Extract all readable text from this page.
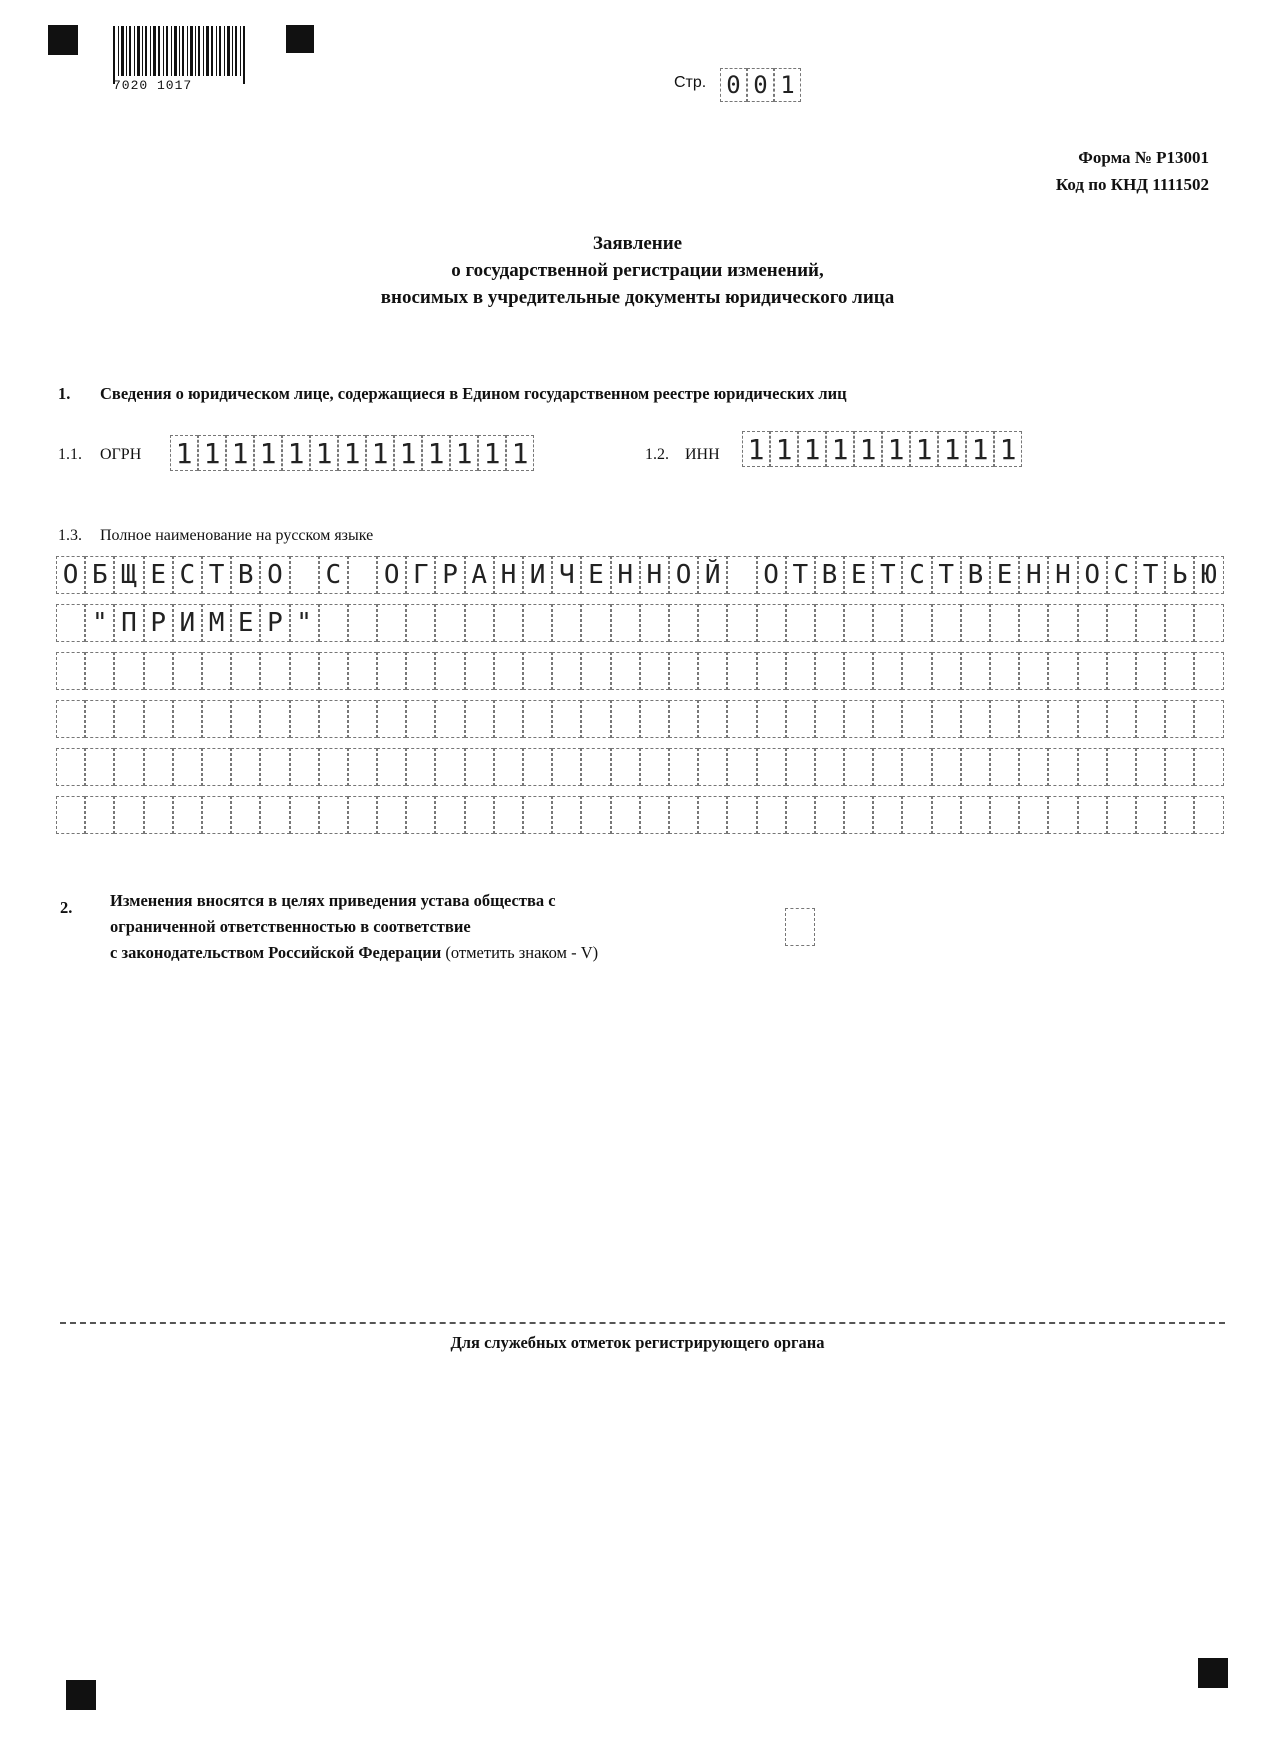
7020 1017	Стр. 0 0 1
Форма № Р13001
Код по КНД 1111502
Заявление
о государственной регистрации изменений,
вносимых в учредительные документы юридического лица
1. Сведения о юридическом лице, содержащиеся в Едином государственном реестре юридических лиц
1.1. ОГРН 1 1 1 1 1 1 1 1 1 1 1 1 1	1.2. ИНН 1 1 1 1 1 1 1 1 1 1
1.3. Полное наименование на русском языке
О Б Щ Е С Т В О С О Г Р А Н И Ч Е Н Н О Й О Т В Е Т С Т В Е Н Н О С Т Ь Ю
" П Р И М Е Р "
2. Изменения вносятся в целях приведения устава общества с
ограниченной ответственностью в соответствие
с законодательством Российской Федерации (отметить знаком - V)
Для служебных отметок регистрирующего органа
